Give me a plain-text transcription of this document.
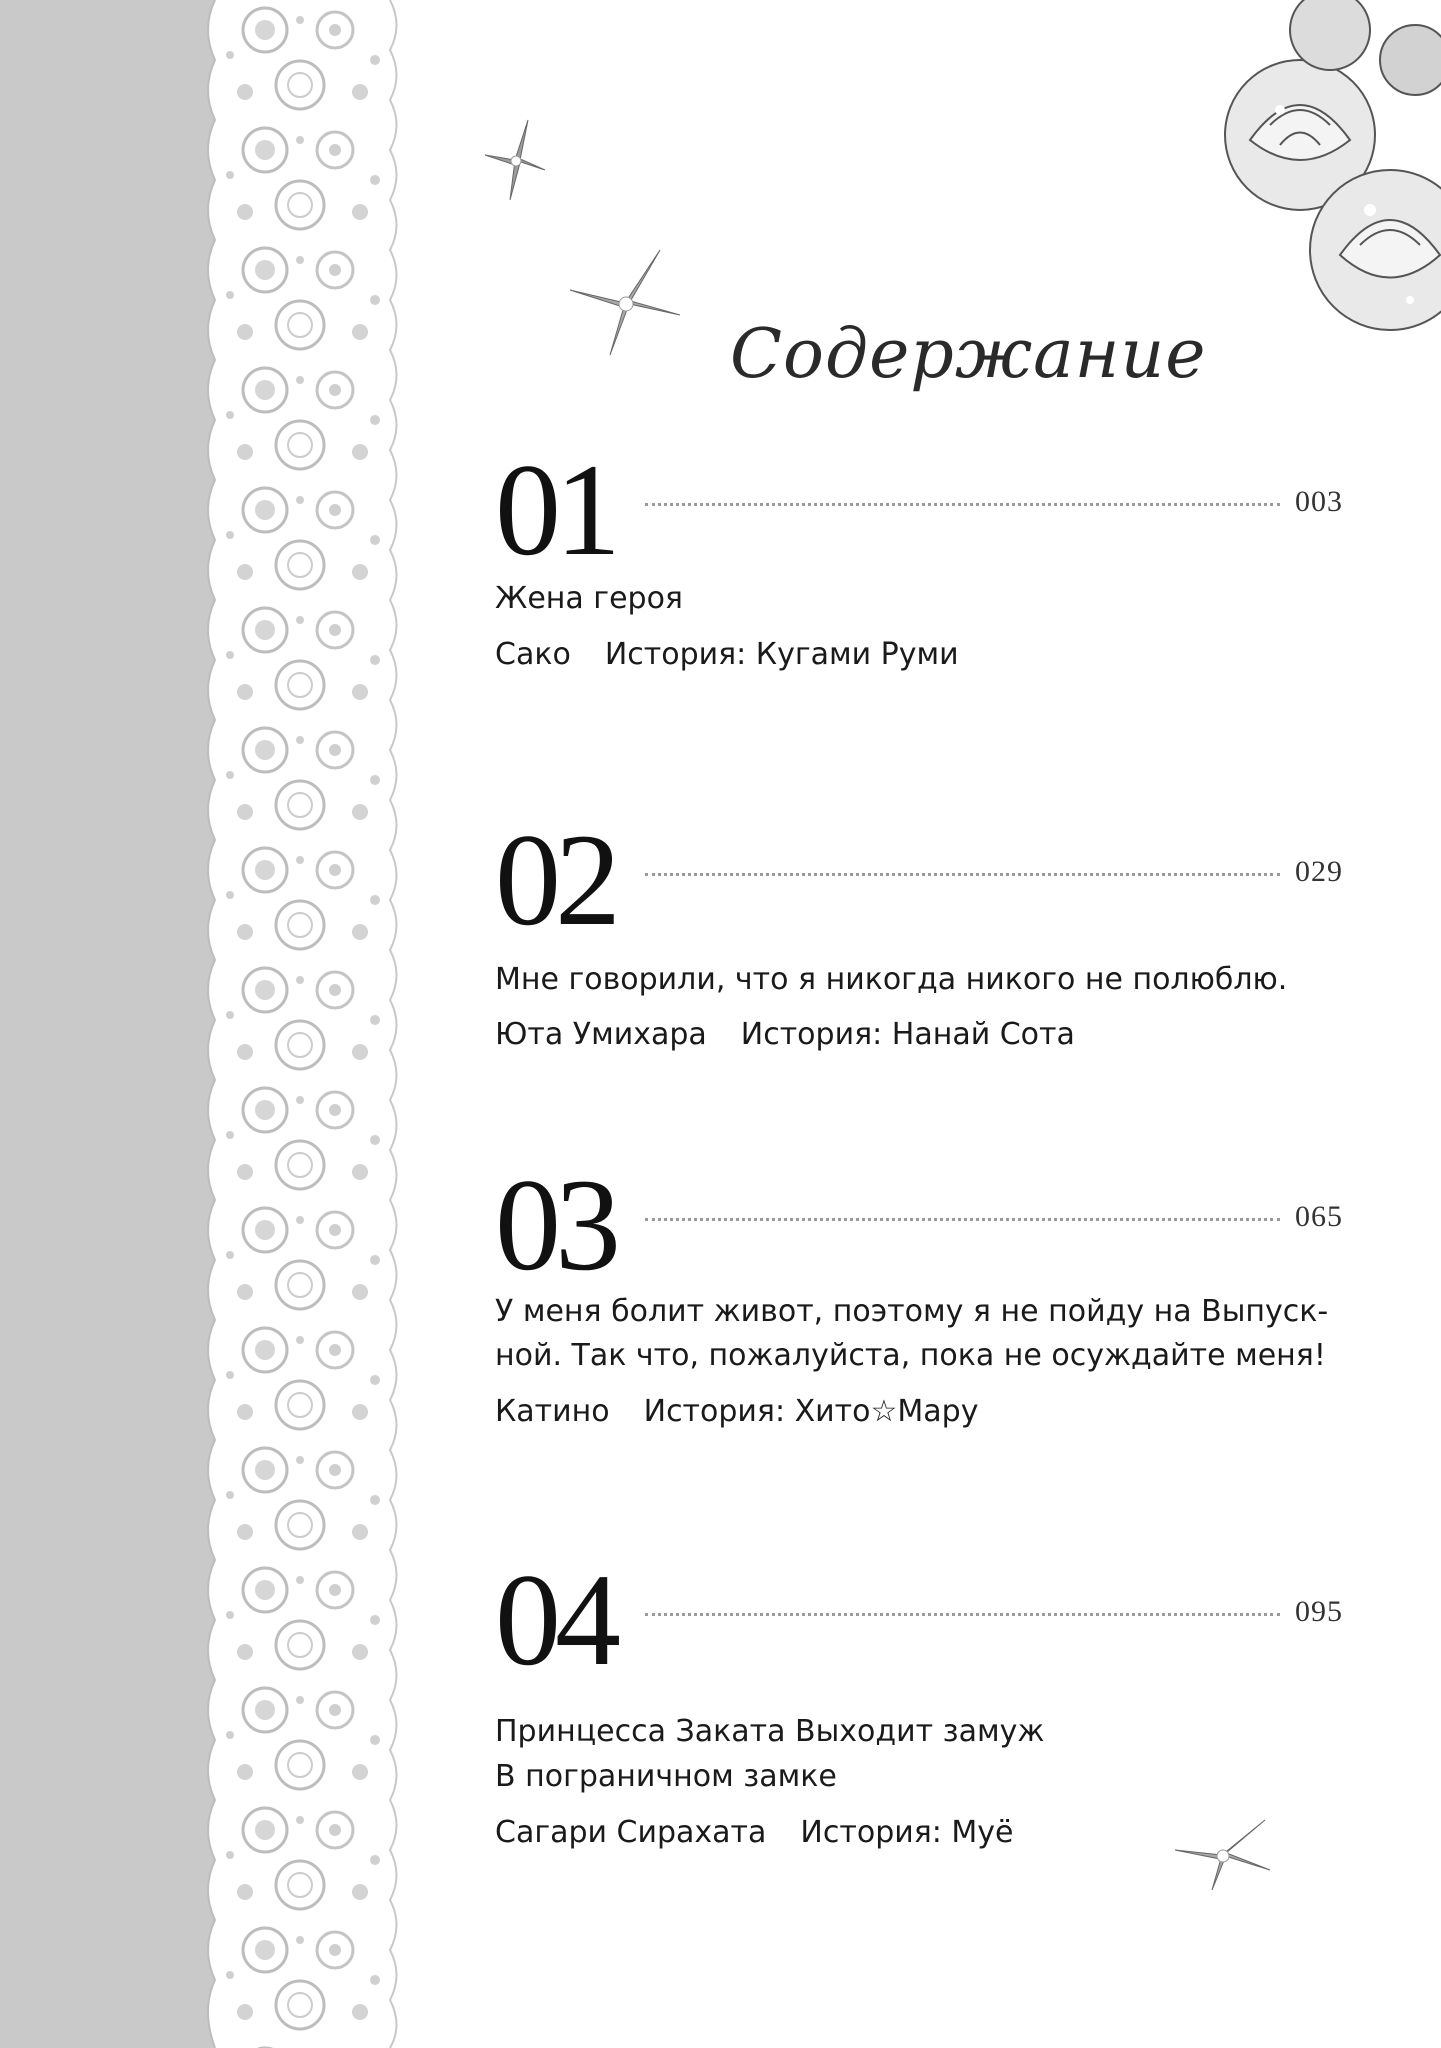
Содержание
01	003
Жена героя
Сако История: Кугами Руми
02	029
Мне говорили, что я никогда никого не полюблю.
Юта Умихара История: Нанай Сота
03	065
У меня болит живот, поэтому я не пойду на Выпуск-
ной. Так что, пожалуйста, пока не осуждайте меня!
Катино История: Хито☆Мару
04	095
Принцесса Заката Выходит замуж
В пограничном замке
Сагари Сирахата История: Муё
